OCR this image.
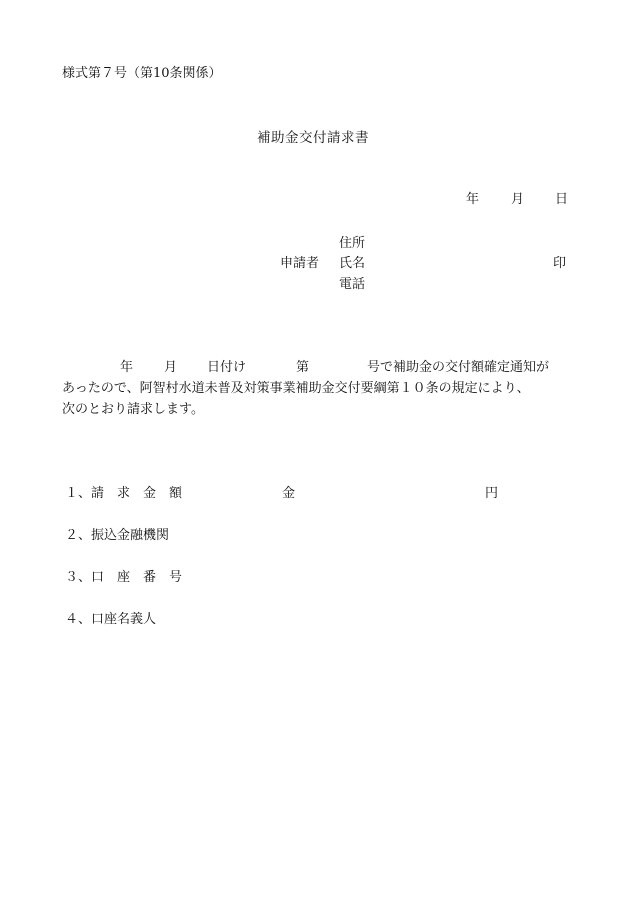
様式第７号（第10条関係）
補助金交付請求書
年 月 日
住所
申請者 氏名	印
電話
年 月 日付け	第	号で補助金の交付額確定通知が
あったので、阿智村水道未普及対策事業補助金交付要綱第１０条の規定により、
次のとおり請求します。
１、請　求　金　額	金	円
２、振込金融機関
３、口　座　番　号
４、口座名義人
